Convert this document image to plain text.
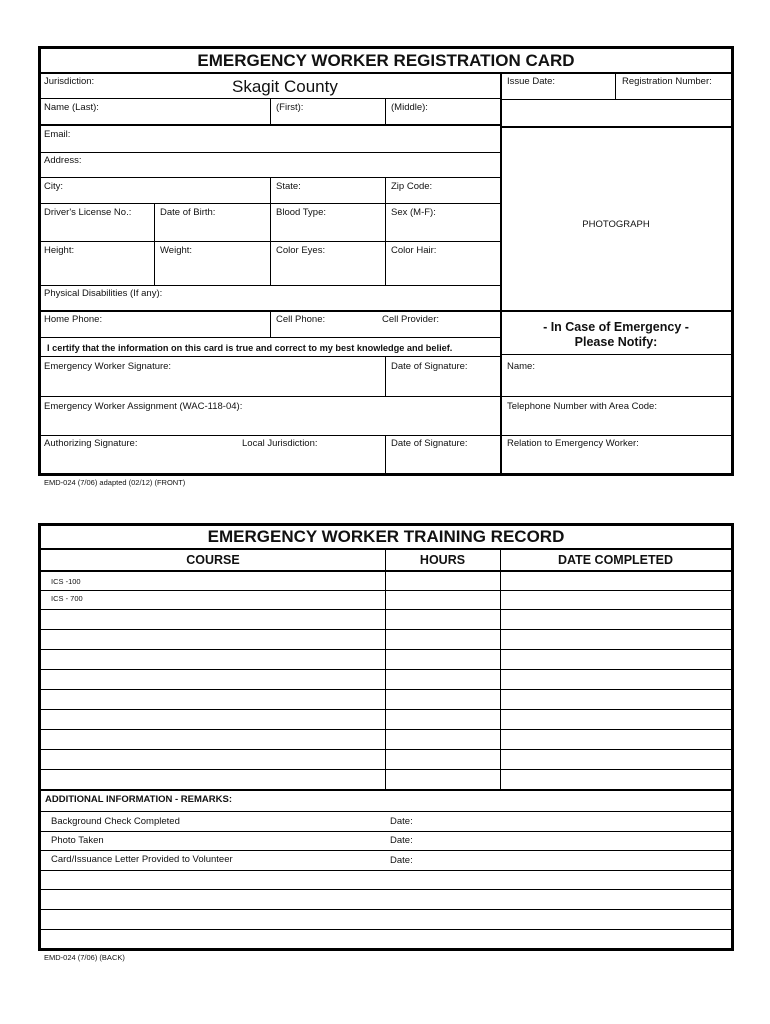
EMERGENCY WORKER REGISTRATION CARD
Jurisdiction:	Skagit County	Issue Date:	Registration Number:
Name (Last):	(First):	(Middle):
Email:
Address:
City:	State:	Zip Code:
Driver's License No.:	Date of Birth:	Blood Type:	Sex (M-F):
Height:	Weight:	Color Eyes:	Color Hair:
Physical Disabilities (If any):
PHOTOGRAPH
Home Phone:	Cell Phone:	Cell Provider:
- In Case of Emergency -
Please Notify:
I certify that the information on this card is true and correct to my best knowledge and belief.
Emergency Worker Signature:	Date of Signature:	Name:
Emergency Worker Assignment (WAC-118-04):	Telephone Number with Area Code:
Authorizing Signature:	Local Jurisdiction:	Date of Signature:	Relation to Emergency Worker:
EMD-024 (7/06) adapted (02/12) (FRONT)
EMERGENCY WORKER TRAINING RECORD
COURSE	HOURS	DATE COMPLETED
ICS -100
ICS - 700
ADDITIONAL INFORMATION - REMARKS:
Background Check Completed	Date:
Photo Taken	Date:
Card/Issuance Letter Provided to Volunteer	Date:
EMD-024 (7/06) (BACK)
